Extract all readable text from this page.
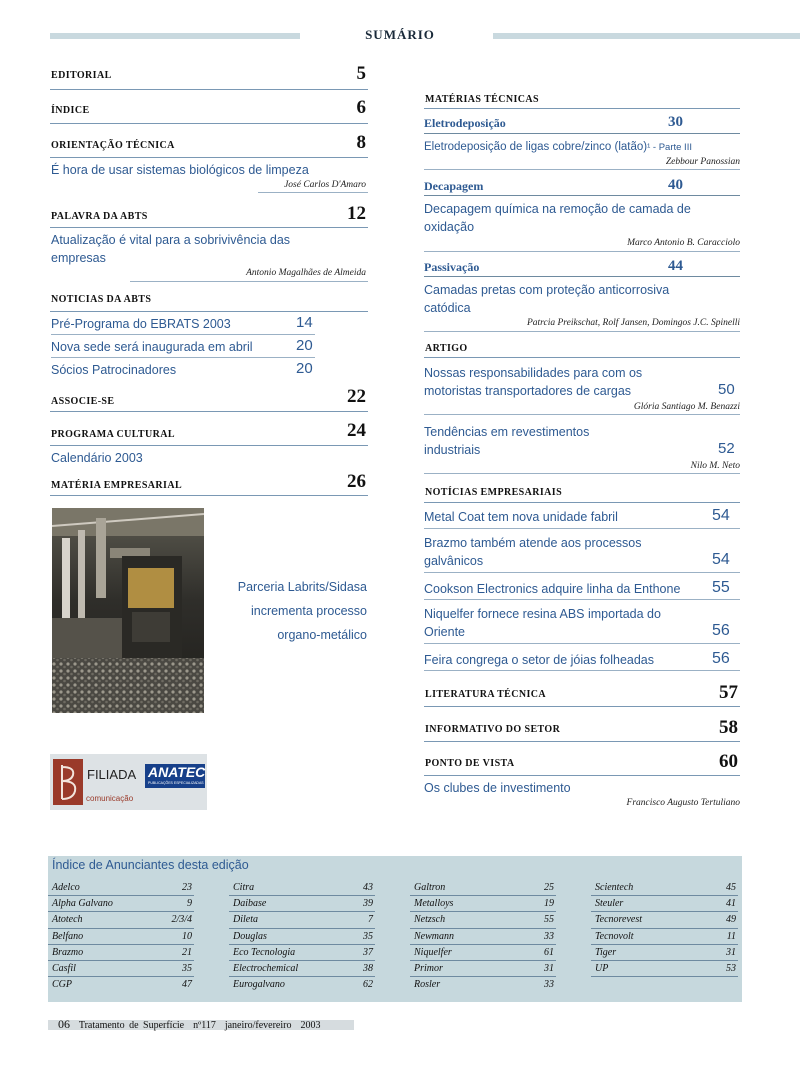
SUMÁRIO
EDITORIAL	5
ÍNDICE	6
ORIENTAÇÃO TÉCNICA	8
É hora de usar sistemas biológicos de limpeza
José Carlos D'Amaro
PALAVRA DA ABTS	12
Atualização é vital para a sobrivivência das
empresas
Antonio Magalhães de Almeida
NOTICIAS DA ABTS
Pré-Programa do EBRATS 2003	14
Nova sede será inaugurada em abril	20
Sócios Patrocinadores	20
ASSOCIE-SE	22
PROGRAMA CULTURAL	24
Calendário 2003
MATÉRIA EMPRESARIAL	26
Parceria Labrits/Sidasa
incrementa processo
organo-metálico
FILIADA ANATEC
PUBLICAÇÕES ESPECIALIZADAS
comunicação
MATÉRIAS TÉCNICAS
Eletrodeposição	30
Eletrodeposição de ligas cobre/zinco (latão)¹ - Parte III
Zebbour Panossian
Decapagem	40
Decapagem química na remoção de camada de
oxidação
Marco Antonio B. Caracciolo
Passivação	44
Camadas pretas com proteção anticorrosiva
catódica
Patrcia Preikschat, Rolf Jansen, Domingos J.C. Spinelli
ARTIGO
Nossas responsabilidades para com os
motoristas transportadores de cargas	50
Glória Santiago M. Benazzi
Tendências em revestimentos
industriais	52
Nilo M. Neto
NOTÍCIAS EMPRESARIAIS
Metal Coat tem nova unidade fabril	54
Brazmo também atende aos processos
galvânicos	54
Cookson Electronics adquire linha da Enthone 55
Niquelfer fornece resina ABS importada do
Oriente	56
Feira congrega o setor de jóias folheadas	56
LITERATURA TÉCNICA	57
INFORMATIVO DO SETOR	58
PONTO DE VISTA	60
Os clubes de investimento
Francisco Augusto Tertuliano
Índice de Anunciantes desta edição
Adelco	23
Alpha Galvano	9
Atotech	2/3/4
Belfano	10
Brazmo	21
Casfil	35
CGP	47
Citra	43
Daibase	39
Dileta	7
Douglas	35
Eco Tecnologia	37
Electrochemical	38
Eurogalvano	62
Galtron	25
Metalloys	19
Netzsch	55
Newmann	33
Niquelfer	61
Primor	31
Rosler	33
Scientech	45
Steuler	41
Tecnorevest	49
Tecnovolt	11
Tiger	31
UP	53
06 Tratamento de Superfície nº117 janeiro/fevereiro 2003
